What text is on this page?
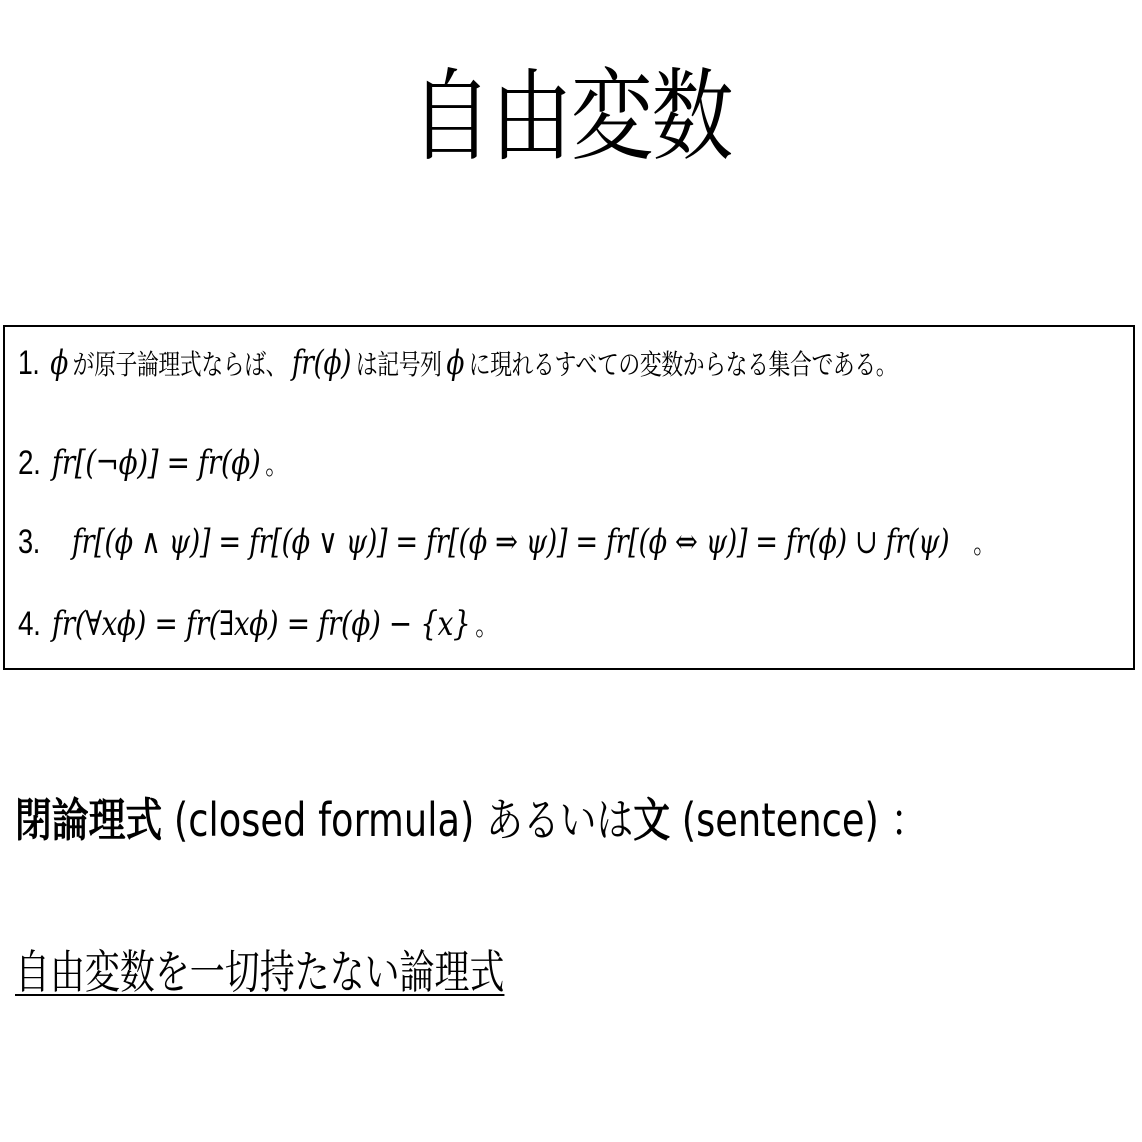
自由変数
1. ϕ が原子論理式ならば、 fr(ϕ) は記号列 ϕ に現れるすべての変数からなる集合である。
2. fr[(¬ϕ)] = fr(ϕ) 。
3. fr[(ϕ ∧ ψ)] = fr[(ϕ ∨ ψ)] = fr[(ϕ ⇒ ψ)] = fr[(ϕ ⇔ ψ)] = fr(ϕ) ∪ fr(ψ) 。
4. fr(∀xϕ) = fr(∃xϕ) = fr(ϕ) − {x} 。
閉論理式 (closed formula) あるいは文 (sentence) ：
自由変数を一切持たない論理式
